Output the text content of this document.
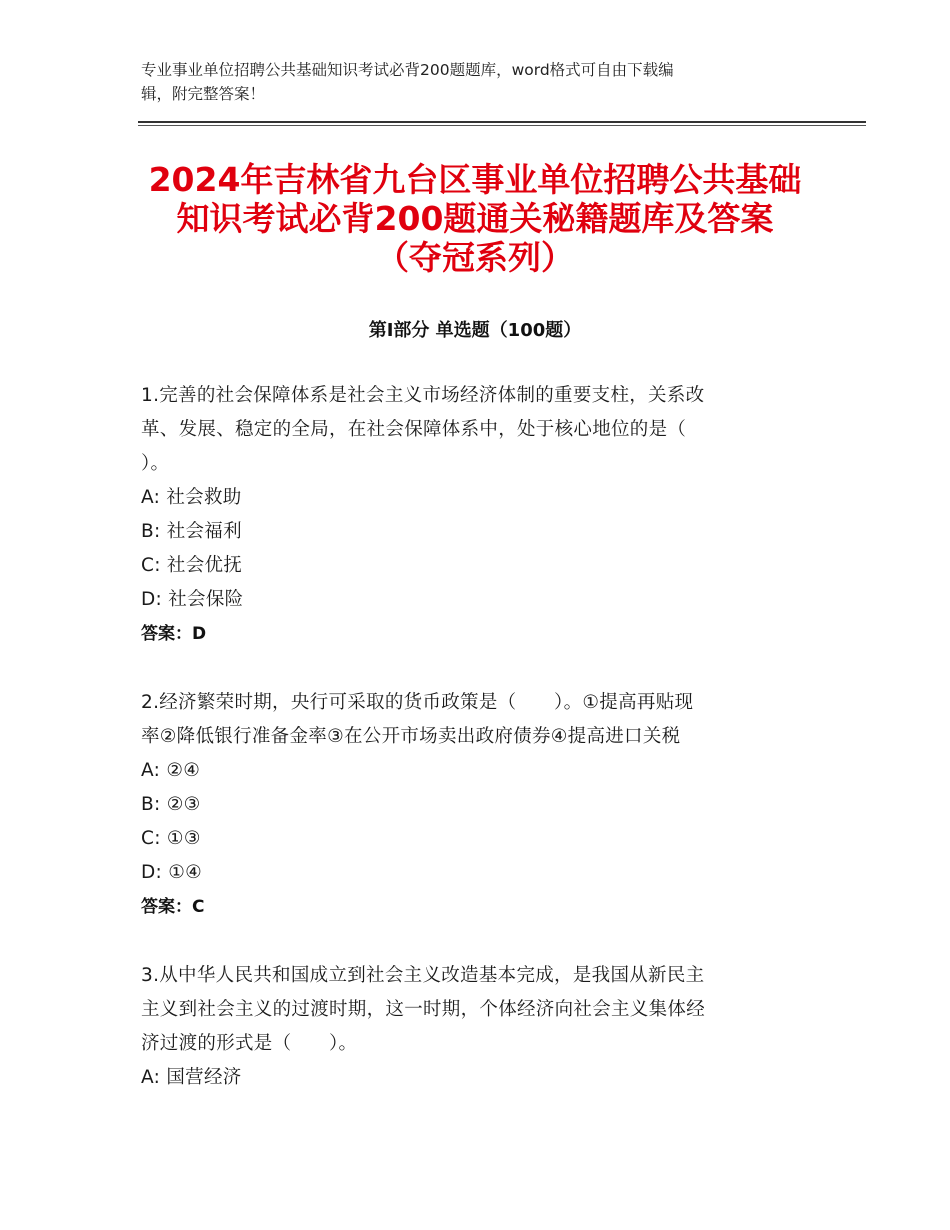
专业事业单位招聘公共基础知识考试必背200题题库，word格式可自由下载编
辑，附完整答案！
2024年吉林省九台区事业单位招聘公共基础
知识考试必背200题通关秘籍题库及答案
（夺冠系列）
第Ⅰ部分 单选题（100题）
1.完善的社会保障体系是社会主义市场经济体制的重要支柱，关系改
革、发展、稳定的全局，在社会保障体系中，处于核心地位的是（
）。
A: 社会救助
B: 社会福利
C: 社会优抚
D: 社会保险
答案：D
2.经济繁荣时期，央行可采取的货币政策是（　　）。①提高再贴现
率②降低银行准备金率③在公开市场卖出政府债券④提高进口关税
A: ②④
B: ②③
C: ①③
D: ①④
答案：C
3.从中华人民共和国成立到社会主义改造基本完成，是我国从新民主
主义到社会主义的过渡时期，这一时期，个体经济向社会主义集体经
济过渡的形式是（　　）。
A: 国营经济
